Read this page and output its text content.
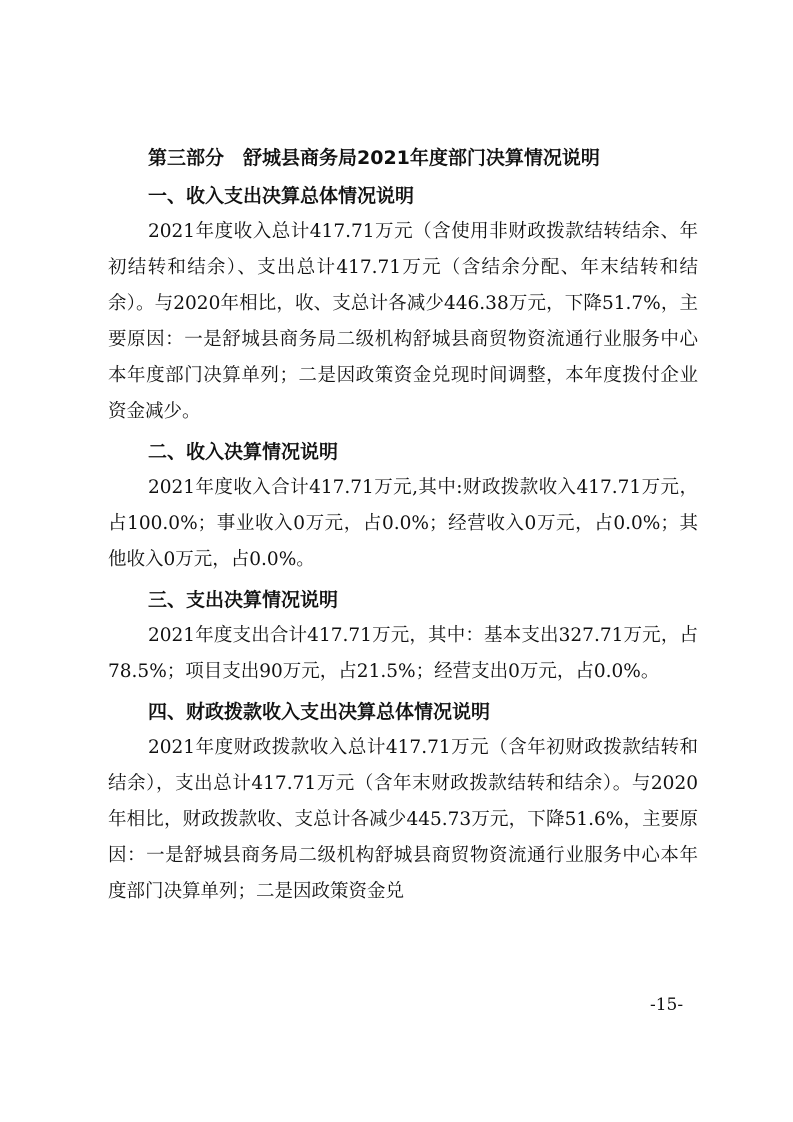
第三部分　舒城县商务局2021年度部门决算情况说明
一、收入支出决算总体情况说明

2021年度收入总计417.71万元（含使用非财政拨款结转结余、年初结转和结余）、支出总计417.71万元（含结余分配、年末结转和结余）。与2020年相比，收、支总计各减少446.38万元，下降51.7%，主要原因：一是舒城县商务局二级机构舒城县商贸物资流通行业服务中心本年度部门决算单列；二是因政策资金兑现时间调整，本年度拨付企业资金减少。

二、收入决算情况说明

2021年度收入合计417.71万元,其中:财政拨款收入417.71万元，占100.0%；事业收入0万元，占0.0%；经营收入0万元，占0.0%；其他收入0万元，占0.0%。

三、支出决算情况说明

2021年度支出合计417.71万元，其中：基本支出327.71万元，占78.5%；项目支出90万元，占21.5%；经营支出0万元，占0.0%。

四、财政拨款收入支出决算总体情况说明

2021年度财政拨款收入总计417.71万元（含年初财政拨款结转和结余），支出总计417.71万元（含年末财政拨款结转和结余）。与2020年相比，财政拨款收、支总计各减少445.73万元，下降51.6%，主要原因：一是舒城县商务局二级机构舒城县商贸物资流通行业服务中心本年度部门决算单列；二是因政策资金兑

-15-
